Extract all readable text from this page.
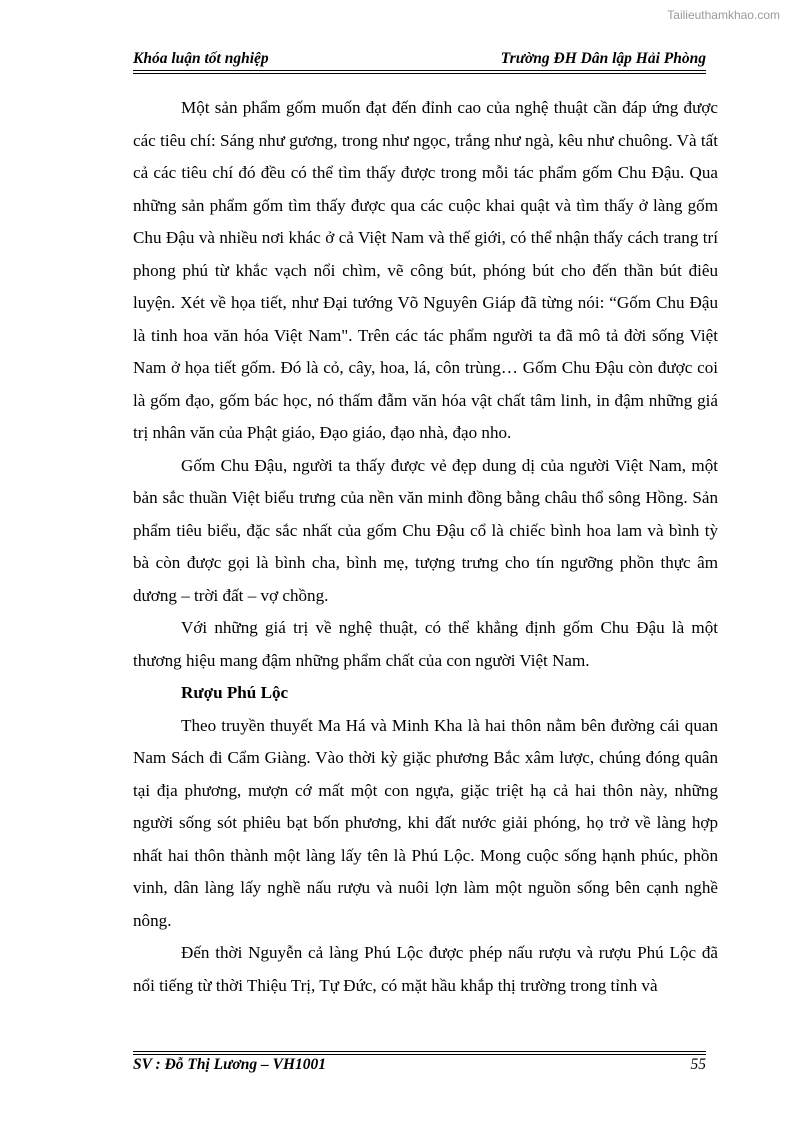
Tailieuthamkhao.com
Khóa luận tốt nghiệp	Trường ĐH Dân lập Hải Phòng

Một sản phẩm gốm muốn đạt đến đỉnh cao của nghệ thuật cần đáp ứng được các tiêu chí: Sáng như gương, trong như ngọc, trắng như ngà, kêu như chuông. Và tất cả các tiêu chí đó đều có thể tìm thấy được trong mỗi tác phẩm gốm Chu Đậu. Qua những sản phẩm gốm tìm thấy được qua các cuộc khai quật và tìm thấy ở làng gốm Chu Đậu và nhiều nơi khác ở cả Việt Nam và thế giới, có thể nhận thấy cách trang trí phong phú từ khắc vạch nổi chìm, vẽ công bút, phóng bút cho đến thần bút điêu luyện. Xét về họa tiết, như Đại tướng Võ Nguyên Giáp đã từng nói: “Gốm Chu Đậu là tinh hoa văn hóa Việt Nam". Trên các tác phẩm người ta đã mô tả đời sống Việt Nam ở họa tiết gốm. Đó là cỏ, cây, hoa, lá, côn trùng… Gốm Chu Đậu còn được coi là gốm đạo, gốm bác học, nó thấm đẫm văn hóa vật chất tâm linh, in đậm những giá trị nhân văn của Phật giáo, Đạo giáo, đạo nhà, đạo nho.

Gốm Chu Đậu, người ta thấy được vẻ đẹp dung dị của người Việt Nam, một bản sắc thuần Việt biểu trưng của nền văn minh đồng bằng châu thổ sông Hồng. Sản phẩm tiêu biểu, đặc sắc nhất của gốm Chu Đậu cổ là chiếc bình hoa lam và bình tỳ bà còn được gọi là bình cha, bình mẹ, tượng trưng cho tín ngưỡng phồn thực âm dương – trời đất – vợ chồng.

Với những giá trị về nghệ thuật, có thể khẳng định gốm Chu Đậu là một thương hiệu mang đậm những phẩm chất của con người Việt Nam.

Rượu Phú Lộc

Theo truyền thuyết Ma Há và Minh Kha là hai thôn nằm bên đường cái quan Nam Sách đi Cẩm Giàng. Vào thời kỳ giặc phương Bắc xâm lược, chúng đóng quân tại địa phương, mượn cớ mất một con ngựa, giặc triệt hạ cả hai thôn này, những người sống sót phiêu bạt bốn phương, khi đất nước giải phóng, họ trở về làng hợp nhất hai thôn thành một làng lấy tên là Phú Lộc. Mong cuộc sống hạnh phúc, phồn vinh, dân làng lấy nghề nấu rượu và nuôi lợn làm một nguồn sống bên cạnh nghề nông.

Đến thời Nguyễn cả làng Phú Lộc được phép nấu rượu và rượu Phú Lộc đã nổi tiếng từ thời Thiệu Trị, Tự Đức, có mặt hầu khắp thị trường trong tỉnh và

SV : Đỗ Thị Lương – VH1001	55
